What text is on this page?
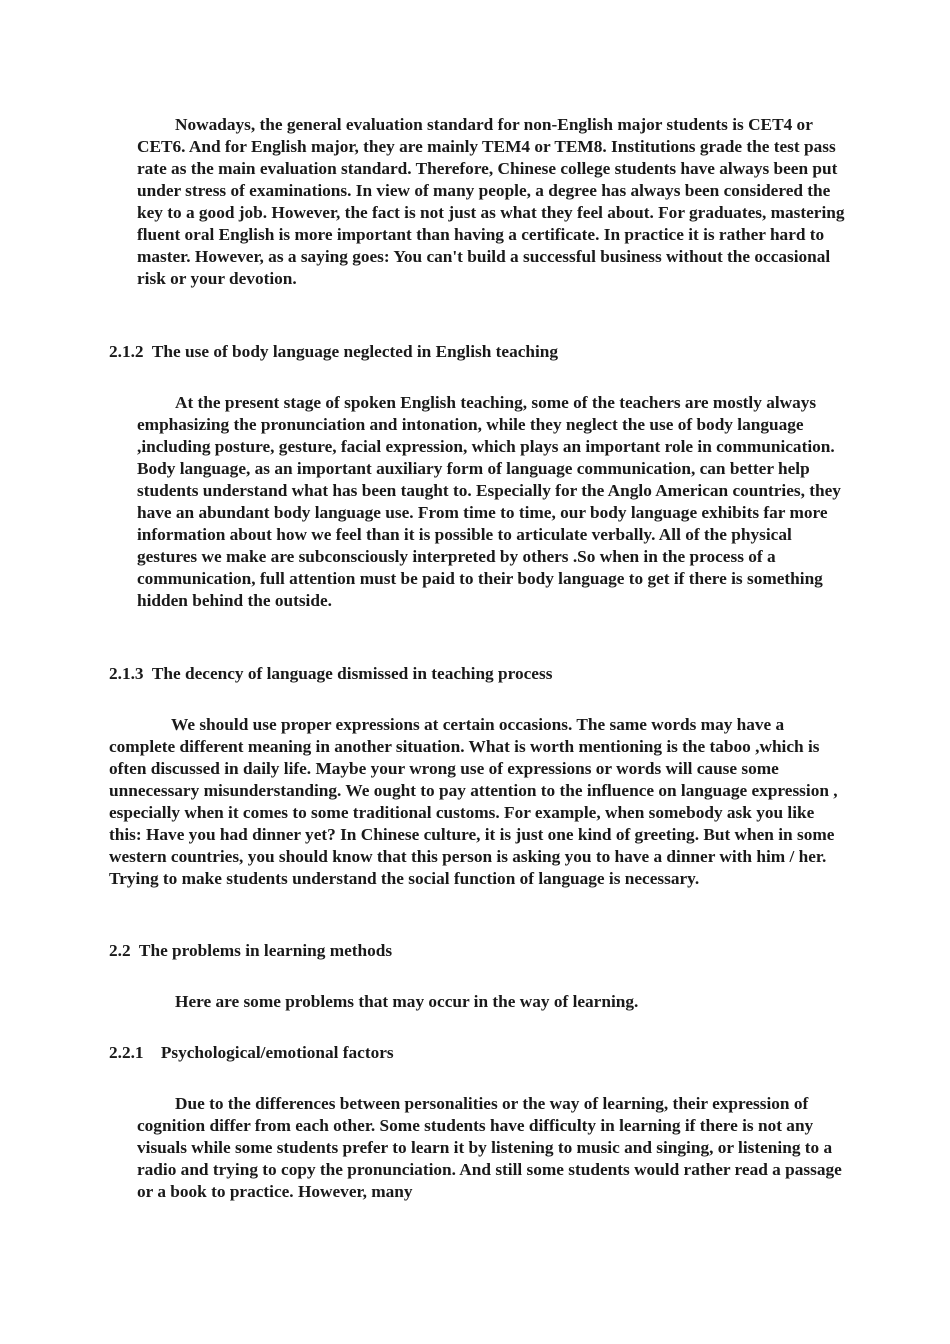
Nowadays, the general evaluation standard for non-English major students is CET4 or CET6. And for English major, they are mainly TEM4 or TEM8. Institutions grade the test pass rate as the main evaluation standard. Therefore, Chinese college students have always been put under stress of examinations. In view of many people, a degree has always been considered the key to a good job. However, the fact is not just as what they feel about. For graduates, mastering fluent oral English is more important than having a certificate. In practice it is rather hard to master. However, as a saying goes: You can't build a successful business without the occasional risk or your devotion.

2.1.2  The use of body language neglected in English teaching

At the present stage of spoken English teaching, some of the teachers are mostly always emphasizing the pronunciation and intonation, while they neglect the use of body language ,including posture, gesture, facial expression, which plays an important role in communication. Body language, as an important auxiliary form of language communication, can better help students understand what has been taught to. Especially for the Anglo American countries, they have an abundant body language use. From time to time, our body language exhibits far more information about how we feel than it is possible to articulate verbally. All of the physical gestures we make are subconsciously interpreted by others .So when in the process of a communication, full attention must be paid to their body language to get if there is something hidden behind the outside.

2.1.3  The decency of language dismissed in teaching process

We should use proper expressions at certain occasions. The same words may have a complete different meaning in another situation. What is worth mentioning is the taboo ,which is often discussed in daily life. Maybe your wrong use of expressions or words will cause some unnecessary misunderstanding. We ought to pay attention to the influence on language expression , especially when it comes to some traditional customs. For example, when somebody ask you like this: Have you had dinner yet? In Chinese culture, it is just one kind of greeting. But when in some western countries, you should know that this person is asking you to have a dinner with him / her. Trying to make students understand the social function of language is necessary.

2.2  The problems in learning methods

Here are some problems that may occur in the way of learning.

2.2.1    Psychological/emotional factors

Due to the differences between personalities or the way of learning, their expression of cognition differ from each other. Some students have difficulty in learning if there is not any visuals while some students prefer to learn it by listening to music and singing, or listening to a radio and trying to copy the pronunciation. And still some students would rather read a passage or a book to practice. However, many
